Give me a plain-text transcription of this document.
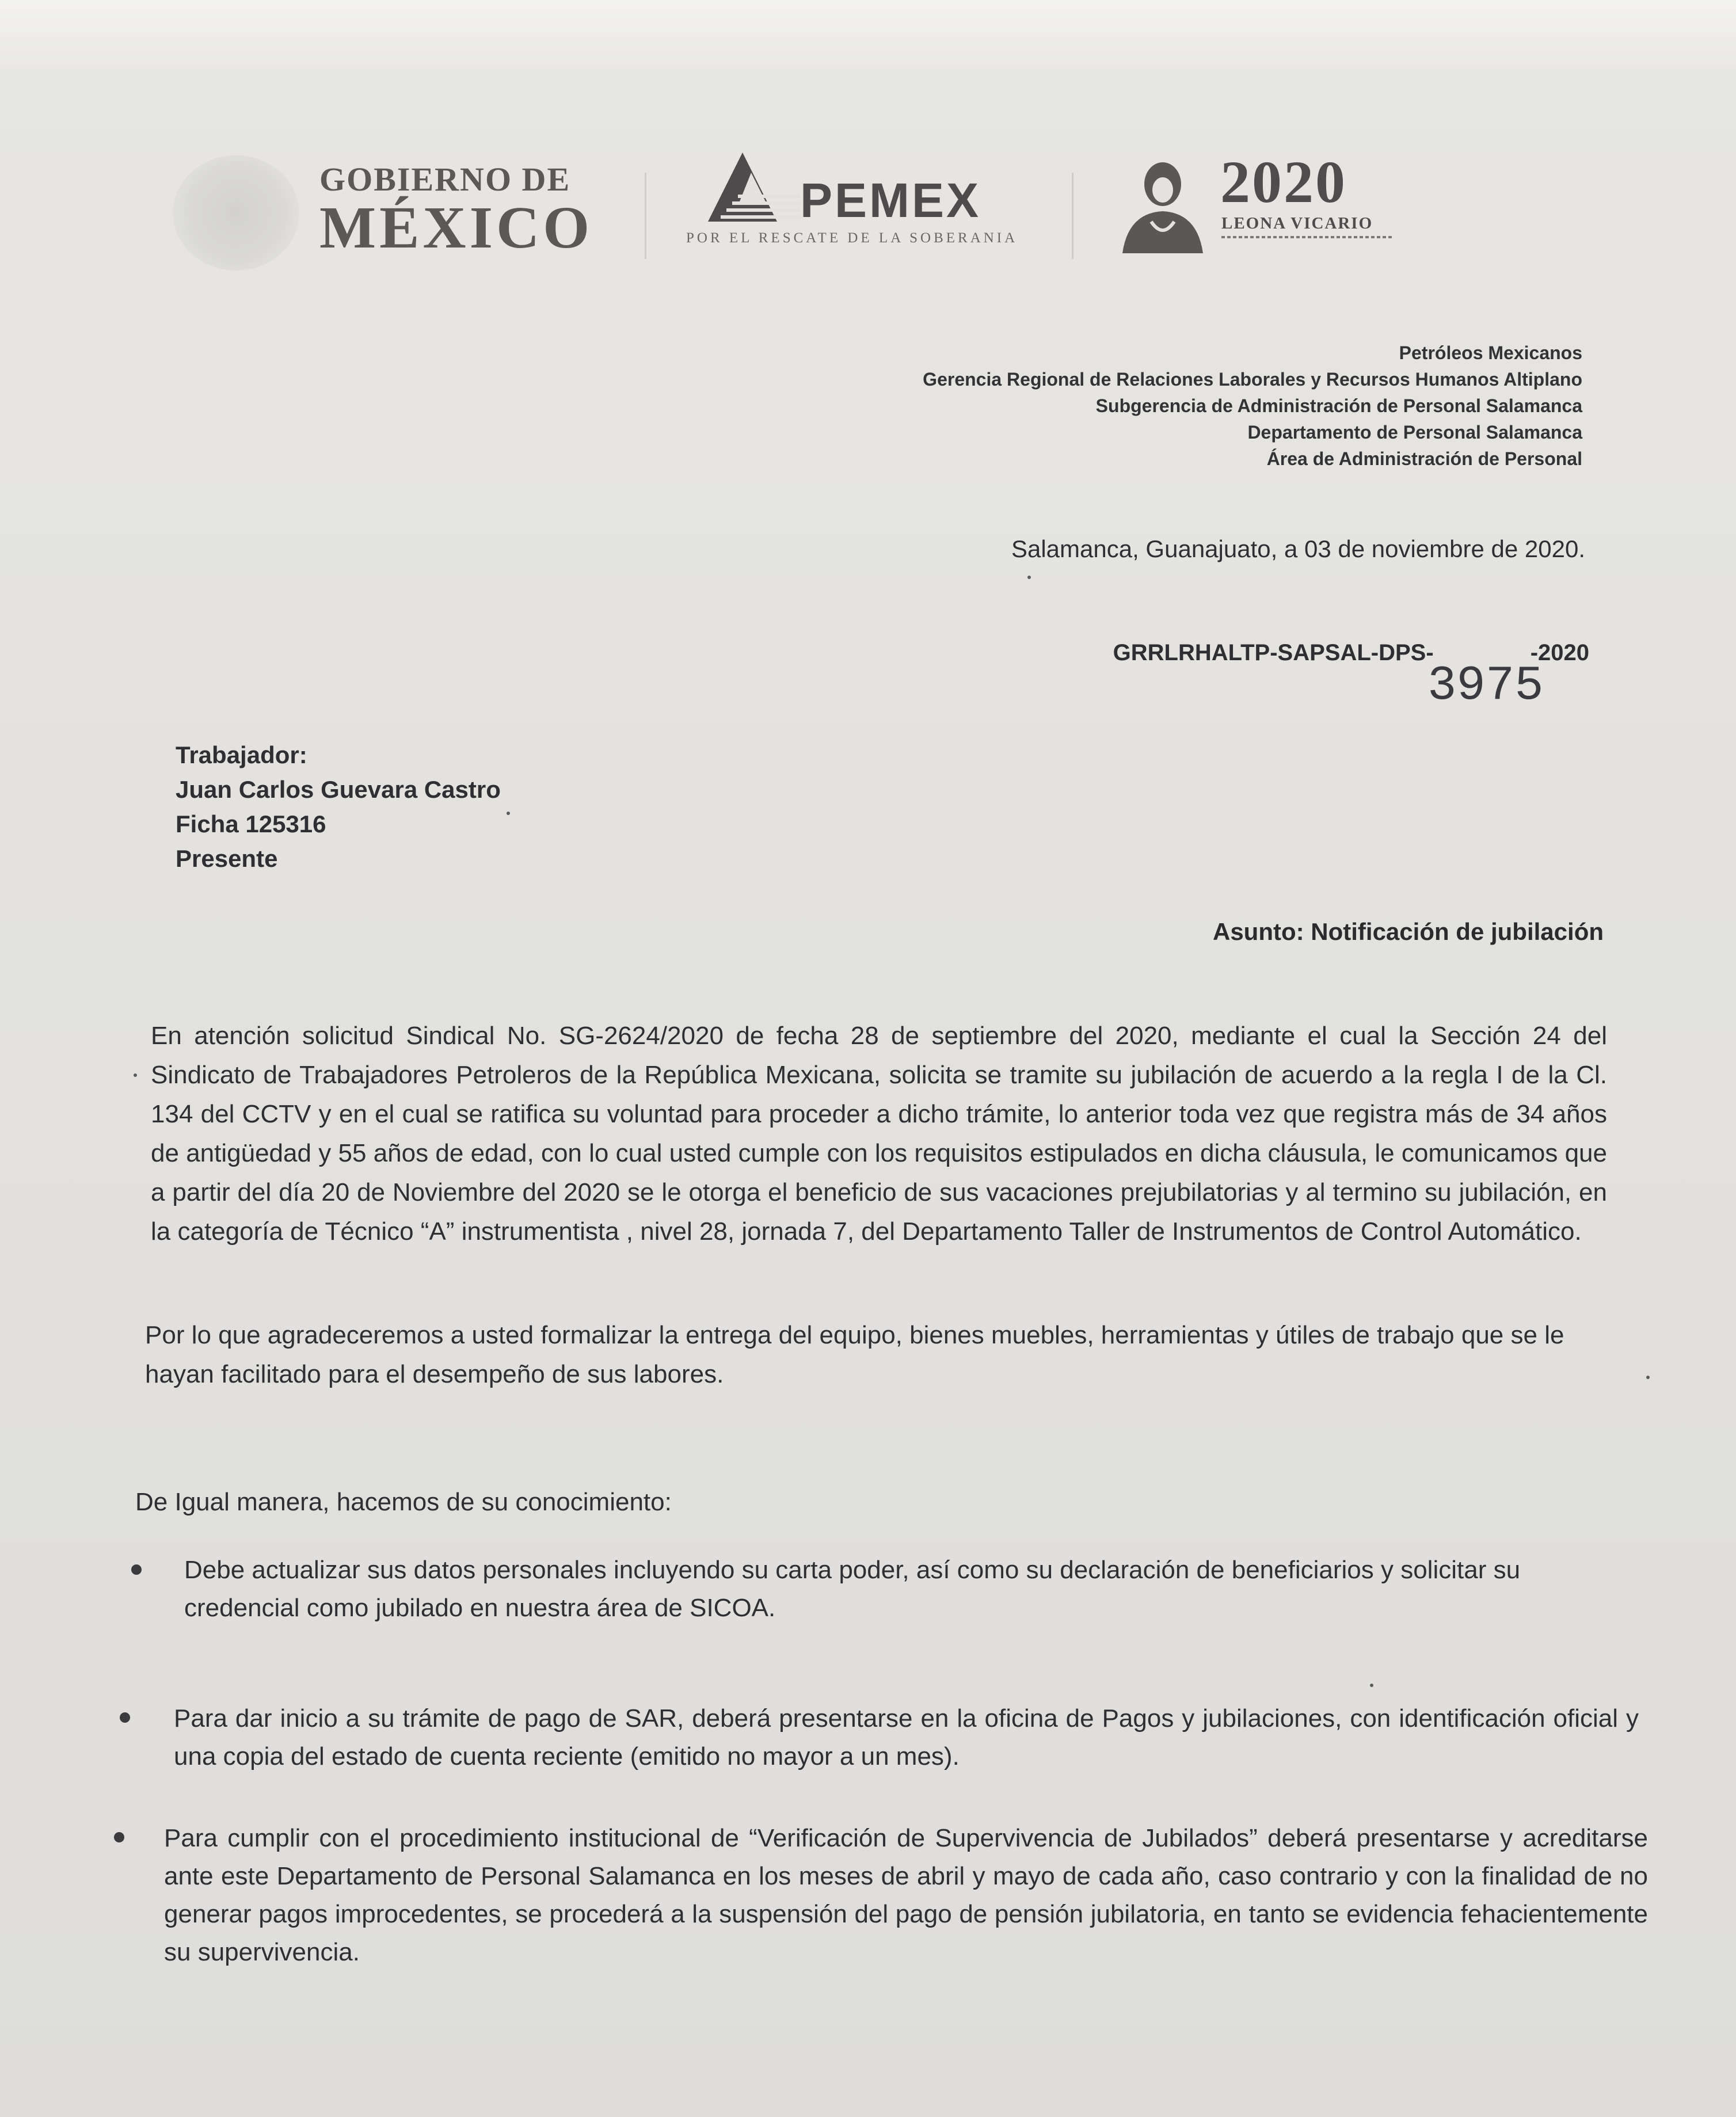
GOBIERNO DE
MÉXICO	PEMEX
POR EL RESCATE DE LA SOBERANIA
2020
LEONA VICARIO
Petróleos Mexicanos
Gerencia Regional de Relaciones Laborales y Recursos Humanos Altiplano
Subgerencia de Administración de Personal Salamanca
Departamento de Personal Salamanca
Área de Administración de Personal
Salamanca, Guanajuato, a 03 de noviembre de 2020.
GRRLRHALTP-SAPSAL-DPS-	-2020
3975
Trabajador:
Juan Carlos Guevara Castro
Ficha 125316
Presente
Asunto: Notificación de jubilación
En atención solicitud Sindical No. SG-2624/2020 de fecha 28 de septiembre del 2020, mediante el cual la Sección 24 del Sindicato de Trabajadores Petroleros de la República Mexicana, solicita se tramite su jubilación de acuerdo a la regla I de la Cl. 134 del CCTV y en el cual se ratifica su voluntad para proceder a dicho trámite, lo anterior toda vez que registra más de 34 años de antigüedad y 55 años de edad, con lo cual usted cumple con los requisitos estipulados en dicha cláusula, le comunicamos que a partir del día 20 de Noviembre del 2020 se le otorga el beneficio de sus vacaciones prejubilatorias y al termino su jubilación, en la categoría de Técnico “A” instrumentista , nivel 28, jornada 7, del Departamento Taller de Instrumentos de Control Automático.
Por lo que agradeceremos a usted formalizar la entrega del equipo, bienes muebles, herramientas y útiles de trabajo que se le hayan facilitado para el desempeño de sus labores.
De Igual manera, hacemos de su conocimiento:
Debe actualizar sus datos personales incluyendo su carta poder, así como su declaración de beneficiarios y solicitar su credencial como jubilado en nuestra área de SICOA.
Para dar inicio a su trámite de pago de SAR, deberá presentarse en la oficina de Pagos y jubilaciones, con identificación oficial y una copia del estado de cuenta reciente (emitido no mayor a un mes).
Para cumplir con el procedimiento institucional de “Verificación de Supervivencia de Jubilados” deberá presentarse y acreditarse ante este Departamento de Personal Salamanca en los meses de abril y mayo de cada año, caso contrario y con la finalidad de no generar pagos improcedentes, se procederá a la suspensión del pago de pensión jubilatoria, en tanto se evidencia fehacientemente su supervivencia.
